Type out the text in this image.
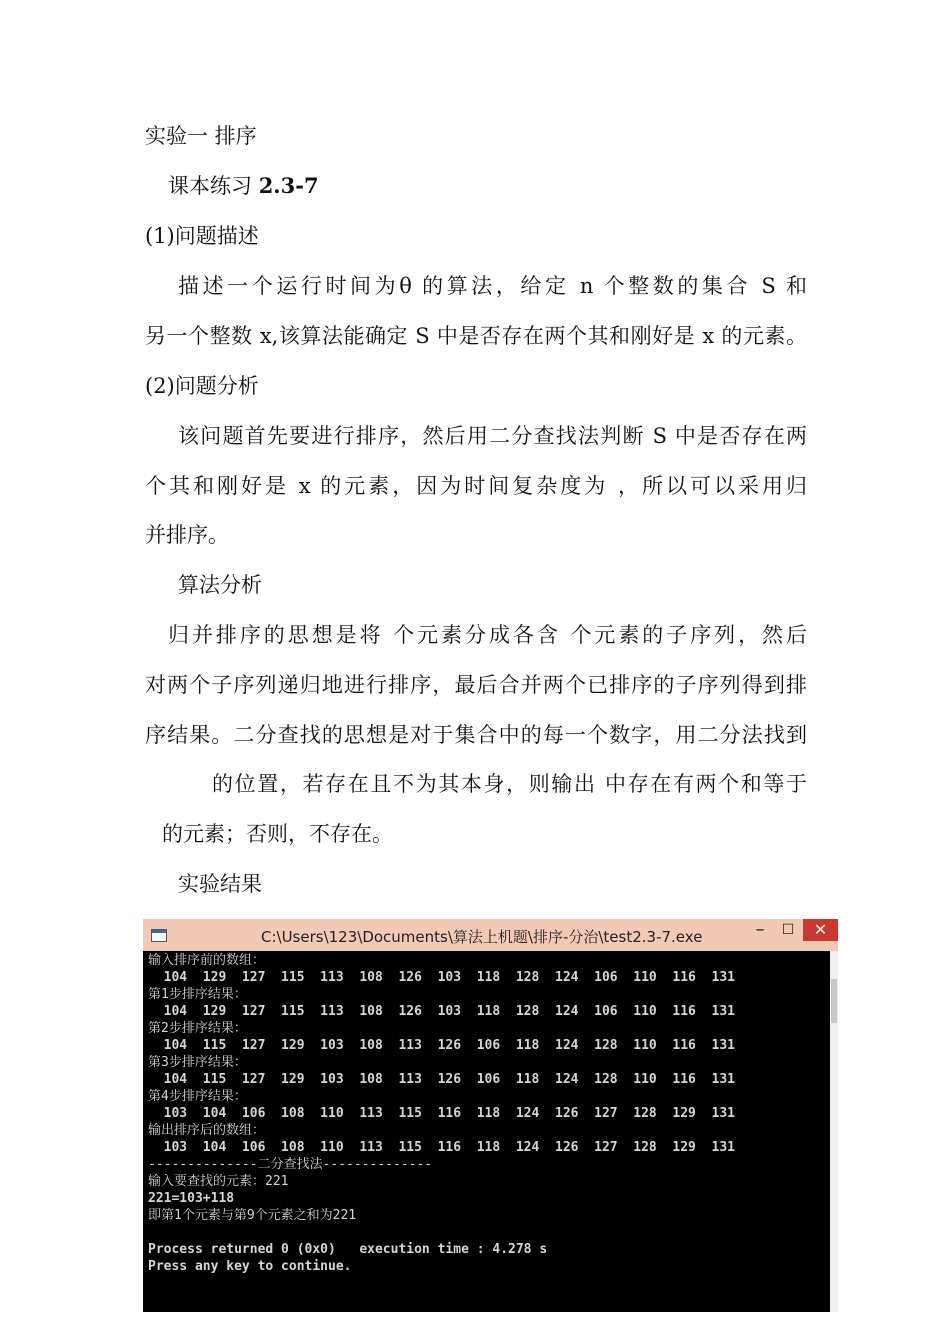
实验一 排序
课本练习 2.3-7
(1)问题描述
描述一个运行时间为θ 的算法，给定 n 个整数的集合 S 和
另一个整数 x,该算法能确定 S 中是否存在两个其和刚好是 x 的元素。
(2)问题分析
该问题首先要进行排序，然后用二分查找法判断 S 中是否存在两
个其和刚好是 x 的元素，因为时间复杂度为 ，所以可以采用归
并排序。
算法分析
归并排序的思想是将 个元素分成各含 个元素的子序列，然后
对两个子序列递归地进行排序，最后合并两个已排序的子序列得到排
序结果。二分查找的思想是对于集合中的每一个数字，用二分法找到
的位置，若存在且不为其本身，则输出 中存在有两个和等于
的元素；否则，不存在。
实验结果
C:\Users\123\Documents\算法上机题\排序-分治\test2.3-7.exe	–	☐	✕
输入排序前的数组：
104  129  127  115  113  108  126  103  118  128  124  106  110  116  131
第1步排序结果：
104  129  127  115  113  108  126  103  118  128  124  106  110  116  131
第2步排序结果：
104  115  127  129  103  108  113  126  106  118  124  128  110  116  131
第3步排序结果：
104  115  127  129  103  108  113  126  106  118  124  128  110  116  131
第4步排序结果：
103  104  106  108  110  113  115  116  118  124  126  127  128  129  131
输出排序后的数组：
103  104  106  108  110  113  115  116  118  124  126  127  128  129  131
--------------二分查找法--------------
输入要查找的元素：221
221=103+118
即第1个元素与第9个元素之和为221
Process returned 0 (0x0)   execution time : 4.278 s
Press any key to continue.
